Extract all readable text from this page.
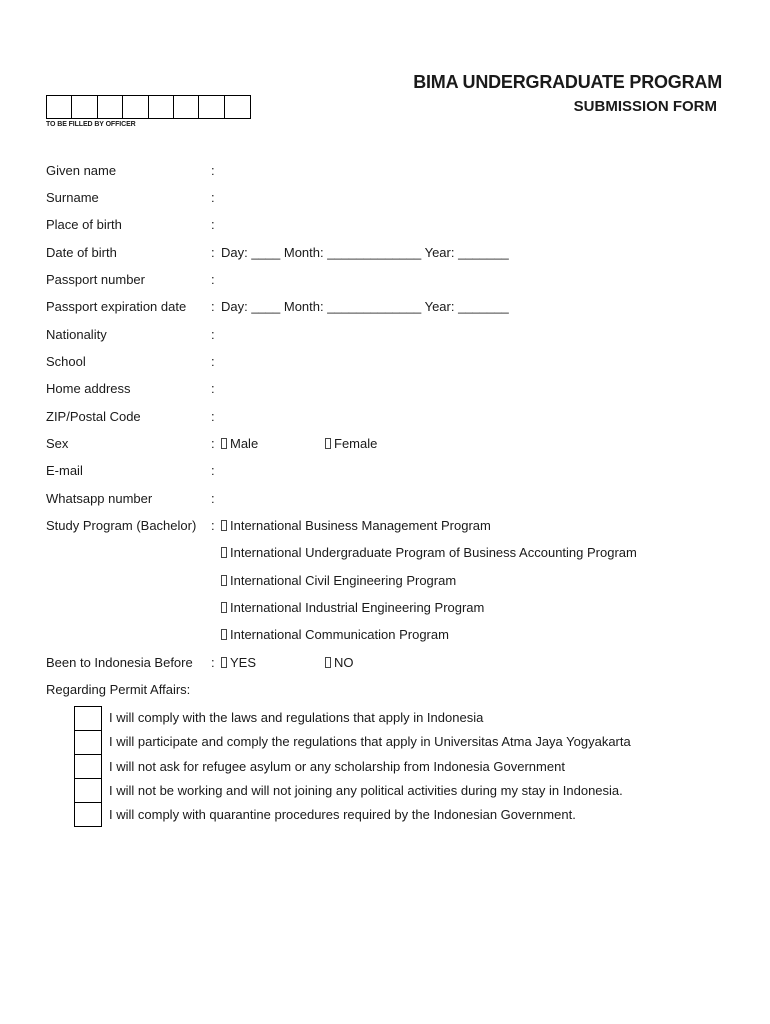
BIMA UNDERGRADUATE PROGRAM
SUBMISSION FORM
TO BE FILLED BY OFFICER
Given name	:
Surname	:
Place of birth	:
Date of birth	: Day: ____ Month: _____________ Year: _______
Passport number	:
Passport expiration date : Day: ____ Month: _____________ Year: _______
Nationality	:
School	:
Home address	:
ZIP/Postal Code	:
Sex	:	Male	Female
E-mail	:
Whatsapp number	:
Study Program (Bachelor) :	International Business Management Program
International Undergraduate Program of Business Accounting Program
International Civil Engineering Program
International Industrial Engineering Program
International Communication Program
Been to Indonesia Before :	YES	NO
Regarding Permit Affairs:
I will comply with the laws and regulations that apply in Indonesia
I will participate and comply the regulations that apply in Universitas Atma Jaya Yogyakarta
I will not ask for refugee asylum or any scholarship from Indonesia Government
I will not be working and will not joining any political activities during my stay in Indonesia.
I will comply with quarantine procedures required by the Indonesian Government.
